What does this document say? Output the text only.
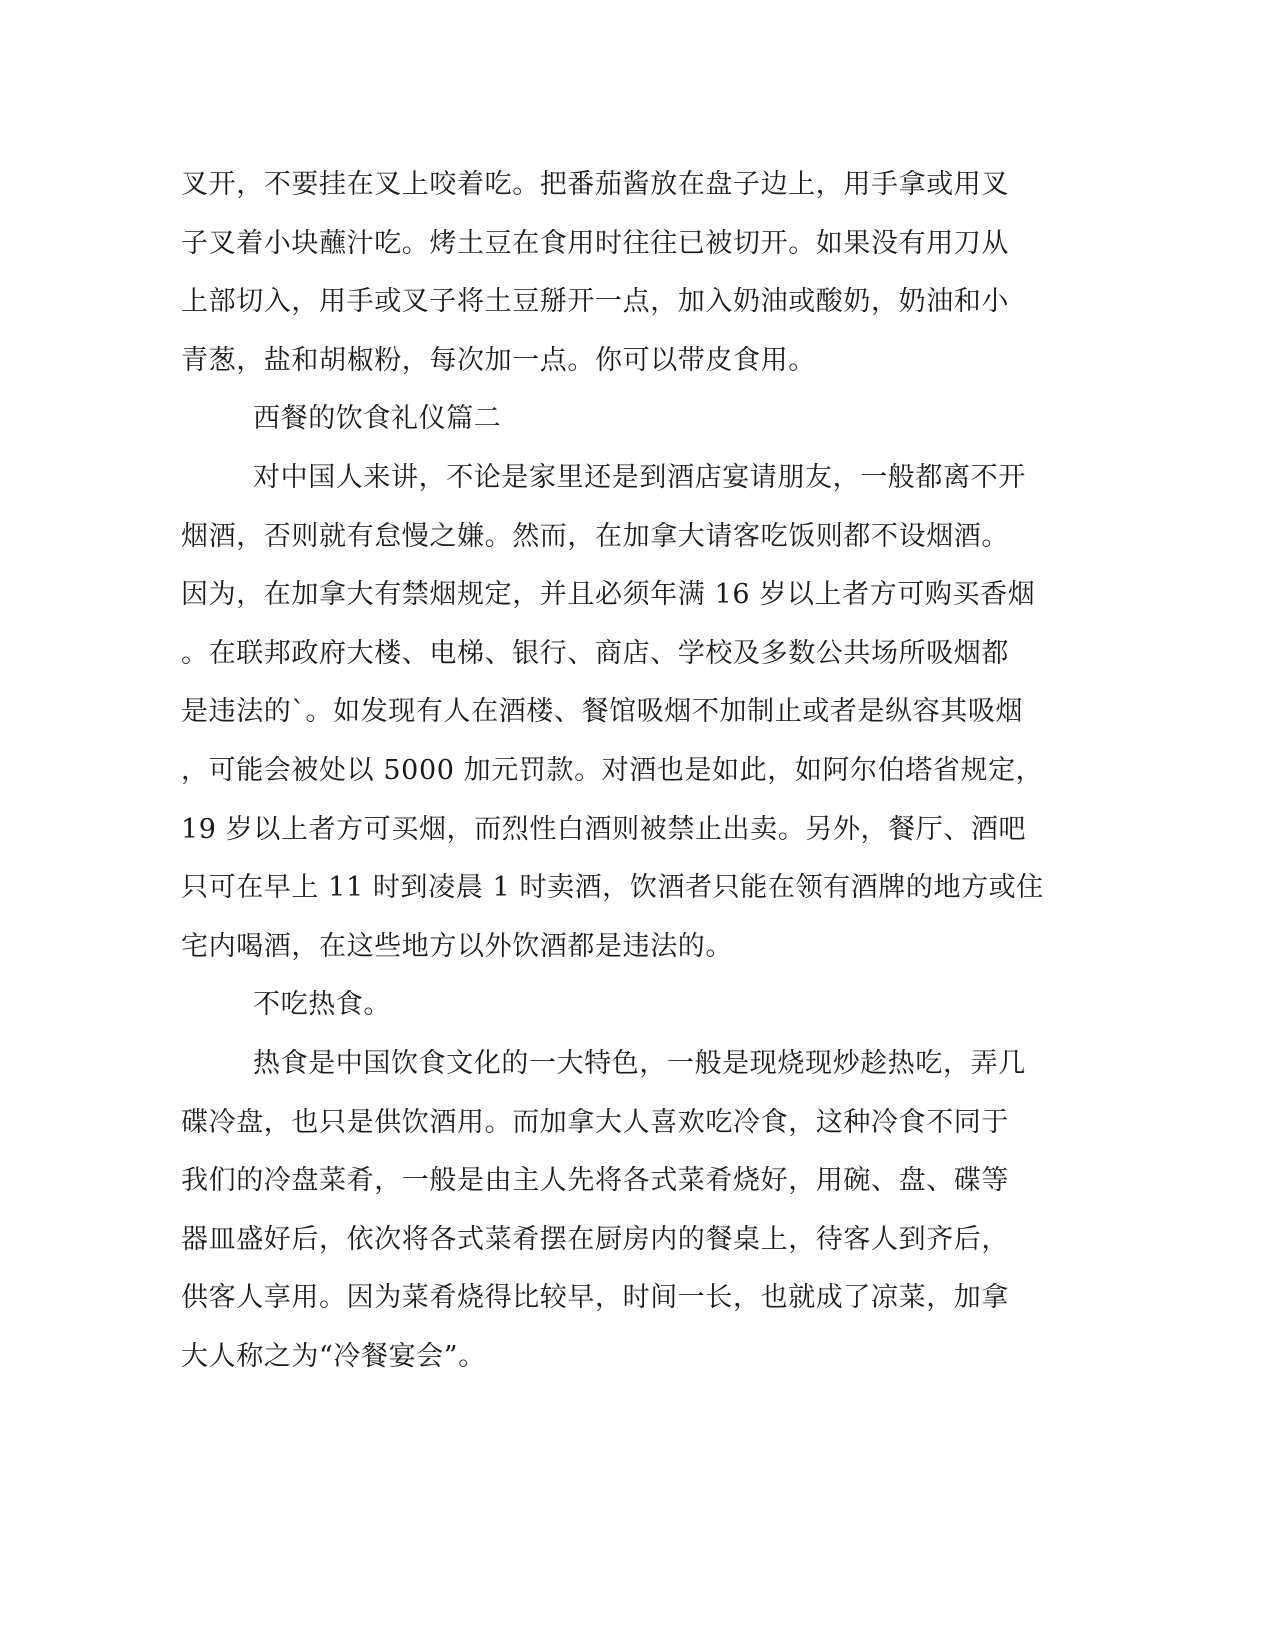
叉开，不要挂在叉上咬着吃。把番茄酱放在盘子边上，用手拿或用叉
子叉着小块蘸汁吃。烤土豆在食用时往往已被切开。如果没有用刀从
上部切入，用手或叉子将土豆掰开一点，加入奶油或酸奶，奶油和小
青葱，盐和胡椒粉，每次加一点。你可以带皮食用。
西餐的饮食礼仪篇二
对中国人来讲，不论是家里还是到酒店宴请朋友，一般都离不开
烟酒，否则就有怠慢之嫌。然而，在加拿大请客吃饭则都不设烟酒。
因为，在加拿大有禁烟规定，并且必须年满 16 岁以上者方可购买香烟
。在联邦政府大楼、电梯、银行、商店、学校及多数公共场所吸烟都
是违法的`。如发现有人在酒楼、餐馆吸烟不加制止或者是纵容其吸烟
，可能会被处以 5000 加元罚款。对酒也是如此，如阿尔伯塔省规定，
19 岁以上者方可买烟，而烈性白酒则被禁止出卖。另外，餐厅、酒吧
只可在早上 11 时到凌晨 1 时卖酒，饮酒者只能在领有酒牌的地方或住
宅内喝酒，在这些地方以外饮酒都是违法的。
不吃热食。
热食是中国饮食文化的一大特色，一般是现烧现炒趁热吃，弄几
碟冷盘，也只是供饮酒用。而加拿大人喜欢吃冷食，这种冷食不同于
我们的冷盘菜肴，一般是由主人先将各式菜肴烧好，用碗、盘、碟等
器皿盛好后，依次将各式菜肴摆在厨房内的餐桌上，待客人到齐后，
供客人享用。因为菜肴烧得比较早，时间一长，也就成了凉菜，加拿
大人称之为“冷餐宴会”。
